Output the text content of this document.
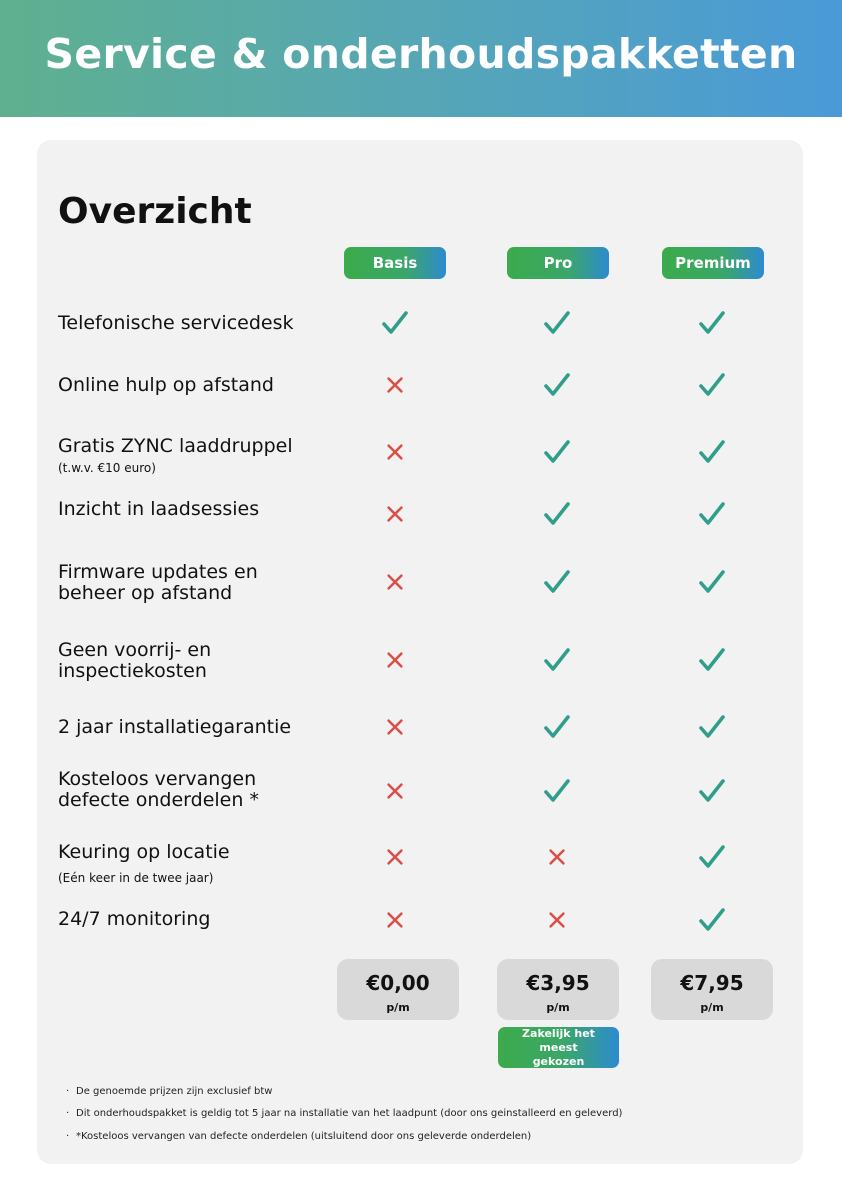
Service & onderhoudspakketten
Overzicht
Basis	Pro	Premium
Telefonische servicedesk
Online hulp op afstand
Gratis ZYNC laaddruppel
(t.w.v. €10 euro)
Inzicht in laadsessies
Firmware updates en beheer op afstand
Geen voorrij- en inspectiekosten
2 jaar installatiegarantie
Kosteloos vervangen defecte onderdelen *
Keuring op locatie
(Eén keer in de twee jaar)
24/7 monitoring
€0,00
p/m
€3,95
p/m
€7,95
p/m
Zakelijk het meest gekozen
· De genoemde prijzen zijn exclusief btw
· Dit onderhoudspakket is geldig tot 5 jaar na installatie van het laadpunt (door ons geinstalleerd en geleverd)
· *Kosteloos vervangen van defecte onderdelen (uitsluitend door ons geleverde onderdelen)
